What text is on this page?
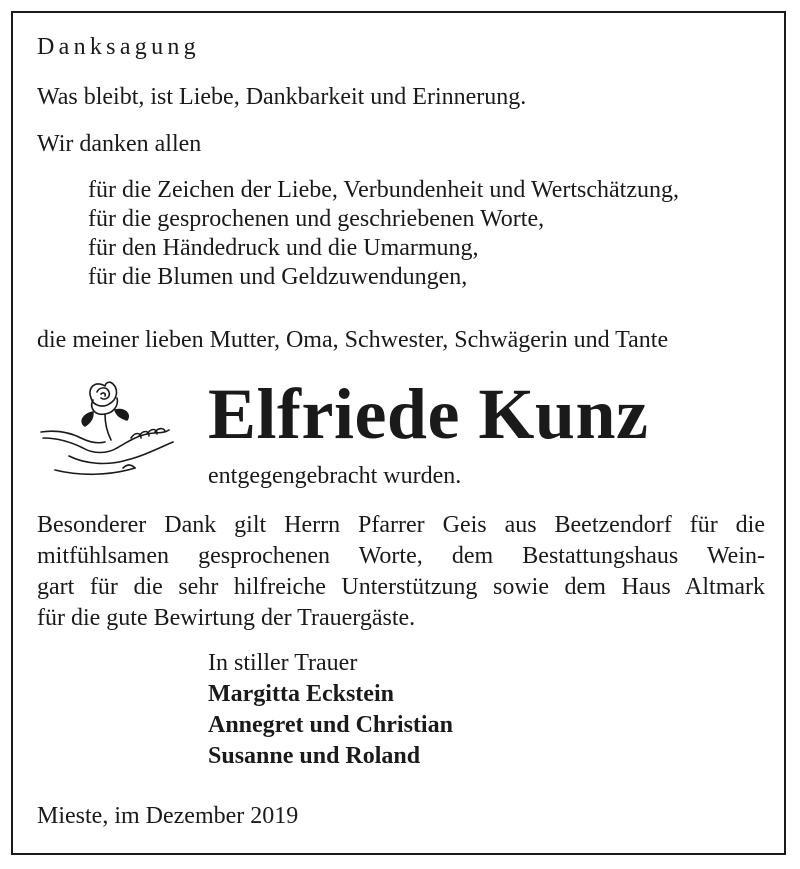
Danksagung
Was bleibt, ist Liebe, Dankbarkeit und Erinnerung.
Wir danken allen
für die Zeichen der Liebe, Verbundenheit und Wertschätzung,
für die gesprochenen und geschriebenen Worte,
für den Händedruck und die Umarmung,
für die Blumen und Geldzuwendungen,
die meiner lieben Mutter, Oma, Schwester, Schwägerin und Tante
Elfriede Kunz
entgegengebracht wurden.
Besonderer Dank gilt Herrn Pfarrer Geis aus Beetzendorf für die
mitfühlsamen gesprochenen Worte, dem Bestattungshaus Wein-
gart für die sehr hilfreiche Unterstützung sowie dem Haus Altmark
für die gute Bewirtung der Trauergäste.
In stiller Trauer
Margitta Eckstein
Annegret und Christian
Susanne und Roland
Mieste, im Dezember 2019
